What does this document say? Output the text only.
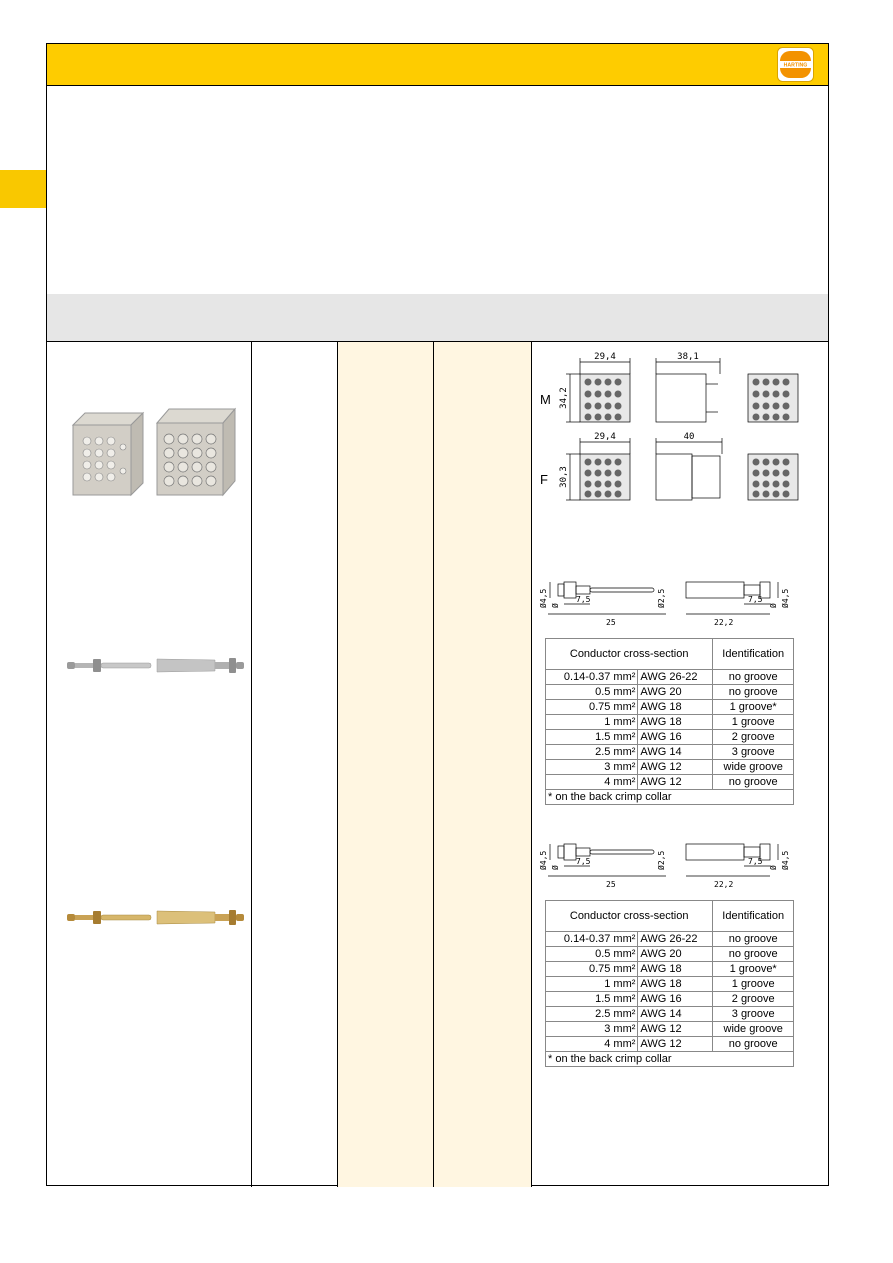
HARTING
29,4	38,1
34,2
29,4	40
30,3
M
F
Ø4,5 Ø
7,5
25
Ø2,5	7,5
22,2
Ø Ø4,5
Conductor cross-section		Identification
0.14-0.37 mm²	AWG 26-22	no groove
0.5 mm²	AWG 20	no groove
0.75 mm²	AWG 18	1 groove*
1 mm²	AWG 18	1 groove
1.5 mm²	AWG 16	2 groove
2.5 mm²	AWG 14	3 groove
3 mm²	AWG 12	wide groove
4 mm²	AWG 12	no groove
* on the back crimp collar		
Ø4,5 Ø
7,5
25
Ø2,5	7,5
22,2
Ø Ø4,5
Conductor cross-section		Identification
0.14-0.37 mm²	AWG 26-22	no groove
0.5 mm²	AWG 20	no groove
0.75 mm²	AWG 18	1 groove*
1 mm²	AWG 18	1 groove
1.5 mm²	AWG 16	2 groove
2.5 mm²	AWG 14	3 groove
3 mm²	AWG 12	wide groove
4 mm²	AWG 12	no groove
* on the back crimp collar		
